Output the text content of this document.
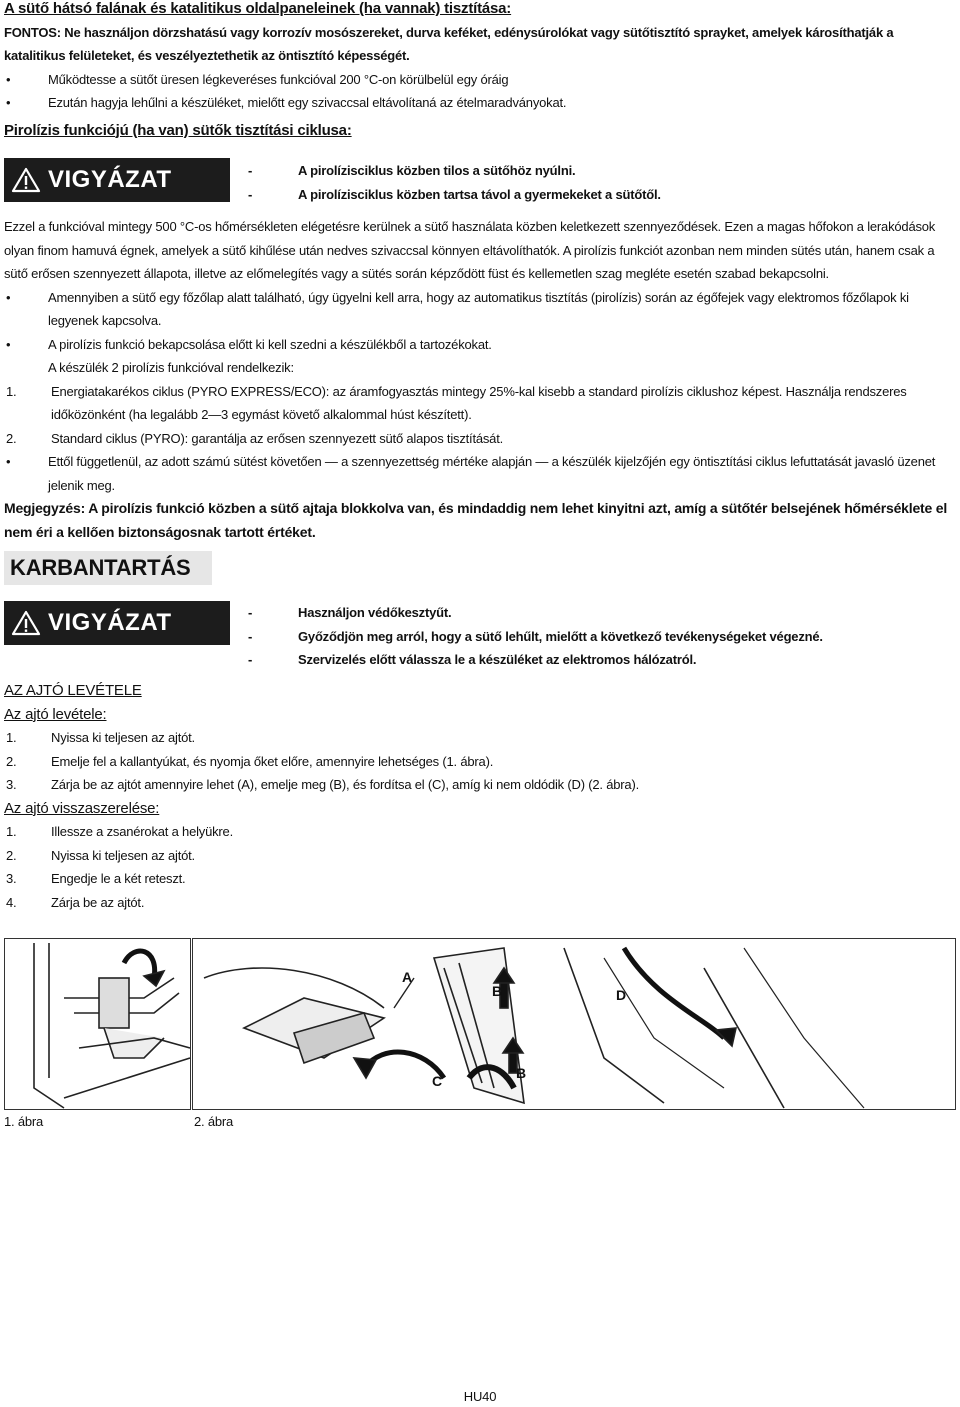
A sütő hátsó falának és katalitikus oldalpaneleinek (ha vannak) tisztítása:

FONTOS: Ne használjon dörzshatású vagy korrozív mosószereket, durva keféket, edénysúrolókat vagy sütőtisztító sprayket, amelyek károsíthatják a katalitikus felületeket, és veszélyeztethetik az öntisztító képességét.

•	Működtesse a sütőt üresen légkeveréses funkcióval 200 °C-on körülbelül egy óráig
•	Ezután hagyja lehűlni a készüléket, mielőtt egy szivaccsal eltávolítaná az ételmaradványokat.

Pirolízis funkciójú (ha van) sütők tisztítási ciklusa:

VIGYÁZAT	-	A pirolízisciklus közben tilos a sütőhöz nyúlni.
-	A pirolízisciklus közben tartsa távol a gyermekeket a sütőtől.

Ezzel a funkcióval mintegy 500 °C-os hőmérsékleten elégetésre kerülnek a sütő használata közben keletkezett szennyeződések. Ezen a magas hőfokon a lerakódások olyan finom hamuvá égnek, amelyek a sütő kihűlése után nedves szivaccsal könnyen eltávolíthatók. A pirolízis funkciót azonban nem minden sütés után, hanem csak a sütő erősen szennyezett állapota, illetve az előmelegítés vagy a sütés során képződött füst és kellemetlen szag megléte esetén szabad bekapcsolni.

•	Amennyiben a sütő egy főzőlap alatt található, úgy ügyelni kell arra, hogy az automatikus tisztítás (pirolízis) során az égőfejek vagy elektromos főzőlapok ki legyenek kapcsolva.
•	A pirolízis funkció bekapcsolása előtt ki kell szedni a készülékből a tartozékokat.
A készülék 2 pirolízis funkcióval rendelkezik:
1.	Energiatakarékos ciklus (PYRO EXPRESS/ECO): az áramfogyasztás mintegy 25%-kal kisebb a standard pirolízis ciklushoz képest. Használja rendszeres időközönként (ha legalább 2—3 egymást követő alkalommal húst készített).
2.	Standard ciklus (PYRO): garantálja az erősen szennyezett sütő alapos tisztítását.
•	Ettől függetlenül, az adott számú sütést követően — a szennyezettség mértéke alapján — a készülék kijelzőjén egy öntisztítási ciklus lefuttatását javasló üzenet jelenik meg.

Megjegyzés: A pirolízis funkció közben a sütő ajtaja blokkolva van, és mindaddig nem lehet kinyitni azt, amíg a sütőtér belsejének hőmérséklete el nem éri a kellően biztonságosnak tartott értéket.

KARBANTARTÁS
VIGYÁZAT	-	Használjon védőkesztyűt.
-	Győződjön meg arról, hogy a sütő lehűlt, mielőtt a következő tevékenységeket végezné.
-	Szervizelés előtt válassza le a készüléket az elektromos hálózatról.

AZ AJTÓ LEVÉTELE

Az ajtó levétele:

1.	Nyissa ki teljesen az ajtót.
2.	Emelje fel a kallantyúkat, és nyomja őket előre, amennyire lehetséges (1. ábra).
3.	Zárja be az ajtót amennyire lehet (A), emelje meg (B), és fordítsa el (C), amíg ki nem oldódik (D) (2. ábra).

Az ajtó visszaszerelése:

1.	Illessze a zsanérokat a helyükre.
2.	Nyissa ki teljesen az ajtót.
3.	Engedje le a két reteszt.
4.	Zárja be az ajtót.
A
B
B
C
D
1. ábra	2. ábra
HU40
